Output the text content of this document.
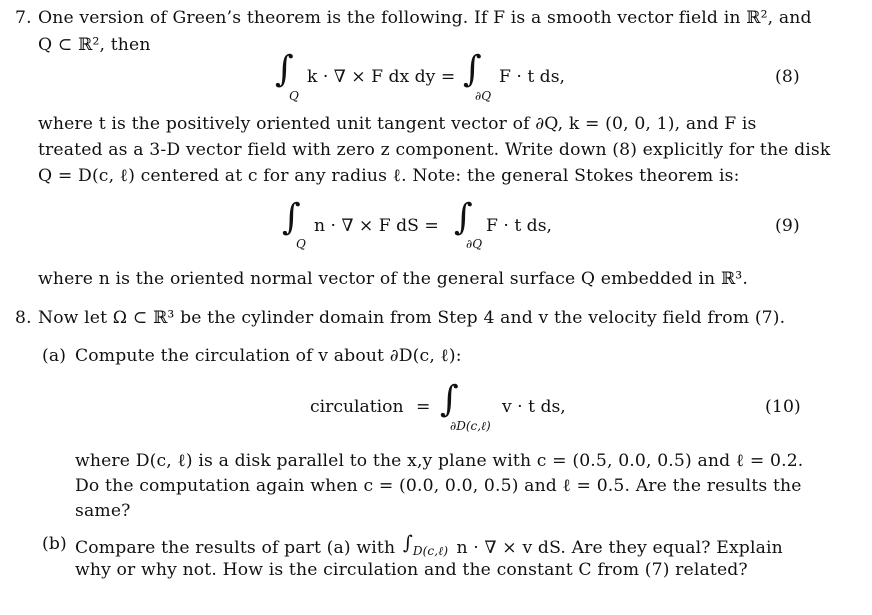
7. One version of Green’s theorem is the following. If F is a smooth vector field in ℝ², and
Q ⊂ ℝ², then
∫
Q
k · ∇ × F dx dy = ∫
∂Q
F · t ds,	(8)
where t is the positively oriented unit tangent vector of ∂Q, k = (0, 0, 1), and F is
treated as a 3-D vector field with zero z component. Write down (8) explicitly for the disk
Q = D(c, ℓ) centered at c for any radius ℓ. Note: the general Stokes theorem is:
∫
Q
n · ∇ × F dS = ∫
∂Q
F · t ds,	(9)
where n is the oriented normal vector of the general surface Q embedded in ℝ³.
8. Now let Ω ⊂ ℝ³ be the cylinder domain from Step 4 and v the velocity field from (7).
(a) Compute the circulation of v about ∂D(c, ℓ):
circulation = ∫
∂D(c,ℓ)
v · t ds,	(10)
where D(c, ℓ) is a disk parallel to the x,y plane with c = (0.5, 0.0, 0.5) and ℓ = 0.2.
Do the computation again when c = (0.0, 0.0, 0.5) and ℓ = 0.5. Are the results the
same?
(b) Compare the results of part (a) with ∫ D(c,ℓ) n · ∇ × v dS. Are they equal? Explain
why or why not. How is the circulation and the constant C from (7) related?
